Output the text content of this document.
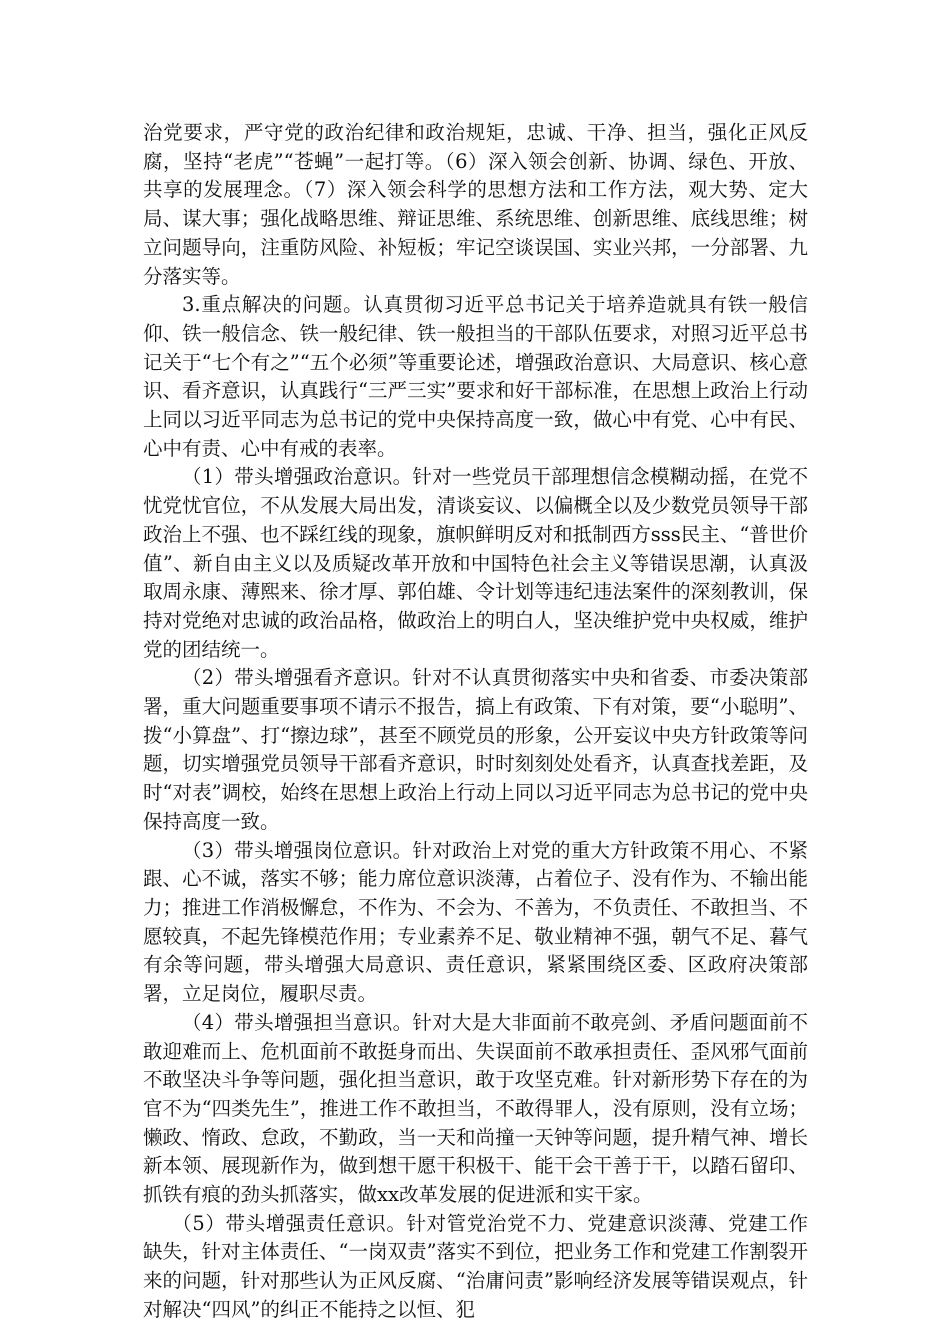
治党要求，严守党的政治纪律和政治规矩，忠诚、干净、担当，强化正风反腐，坚持“老虎”“苍蝇”一起打等。（6）深入领会创新、协调、绿色、开放、共享的发展理念。（7）深入领会科学的思想方法和工作方法，观大势、定大局、谋大事；强化战略思维、辩证思维、系统思维、创新思维、底线思维；树立问题导向，注重防风险、补短板；牢记空谈误国、实业兴邦，一分部署、九分落实等。

3.重点解决的问题。认真贯彻习近平总书记关于培养造就具有铁一般信仰、铁一般信念、铁一般纪律、铁一般担当的干部队伍要求，对照习近平总书记关于“七个有之”“五个必须”等重要论述，增强政治意识、大局意识、核心意识、看齐意识，认真践行“三严三实”要求和好干部标准，在思想上政治上行动上同以习近平同志为总书记的党中央保持高度一致，做心中有党、心中有民、心中有责、心中有戒的表率。

（1）带头增强政治意识。针对一些党员干部理想信念模糊动摇，在党不忧党忧官位，不从发展大局出发，清谈妄议、以偏概全以及少数党员领导干部政治上不强、也不踩红线的现象，旗帜鲜明反对和抵制西方sss民主、“普世价值”、新自由主义以及质疑改革开放和中国特色社会主义等错误思潮，认真汲取周永康、薄熙来、徐才厚、郭伯雄、令计划等违纪违法案件的深刻教训，保持对党绝对忠诚的政治品格，做政治上的明白人，坚决维护党中央权威，维护党的团结统一。

（2）带头增强看齐意识。针对不认真贯彻落实中央和省委、市委决策部署，重大问题重要事项不请示不报告，搞上有政策、下有对策，要“小聪明”、拨“小算盘”、打“擦边球”，甚至不顾党员的形象，公开妄议中央方针政策等问题，切实增强党员领导干部看齐意识，时时刻刻处处看齐，认真查找差距，及时“对表”调校，始终在思想上政治上行动上同以习近平同志为总书记的党中央保持高度一致。

（3）带头增强岗位意识。针对政治上对党的重大方针政策不用心、不紧跟、心不诚，落实不够；能力席位意识淡薄，占着位子、没有作为、不输出能力；推进工作消极懈怠，不作为、不会为、不善为，不负责任、不敢担当、不愿较真，不起先锋模范作用；专业素养不足、敬业精神不强，朝气不足、暮气有余等问题，带头增强大局意识、责任意识，紧紧围绕区委、区政府决策部署，立足岗位，履职尽责。

（4）带头增强担当意识。针对大是大非面前不敢亮剑、矛盾问题面前不敢迎难而上、危机面前不敢挺身而出、失误面前不敢承担责任、歪风邪气面前不敢坚决斗争等问题，强化担当意识，敢于攻坚克难。针对新形势下存在的为官不为“四类先生”，推进工作不敢担当，不敢得罪人，没有原则，没有立场；懒政、惰政、怠政，不勤政，当一天和尚撞一天钟等问题，提升精气神、增长新本领、展现新作为，做到想干愿干积极干、能干会干善于干，以踏石留印、抓铁有痕的劲头抓落实，做xx改革发展的促进派和实干家。

（5）带头增强责任意识。针对管党治党不力、党建意识淡薄、党建工作缺失，针对主体责任、“一岗双责”落实不到位，把业务工作和党建工作割裂开来的问题，针对那些认为正风反腐、“治庸问责”影响经济发展等错误观点，针对解决“四风”的纠正不能持之以恒、犯
